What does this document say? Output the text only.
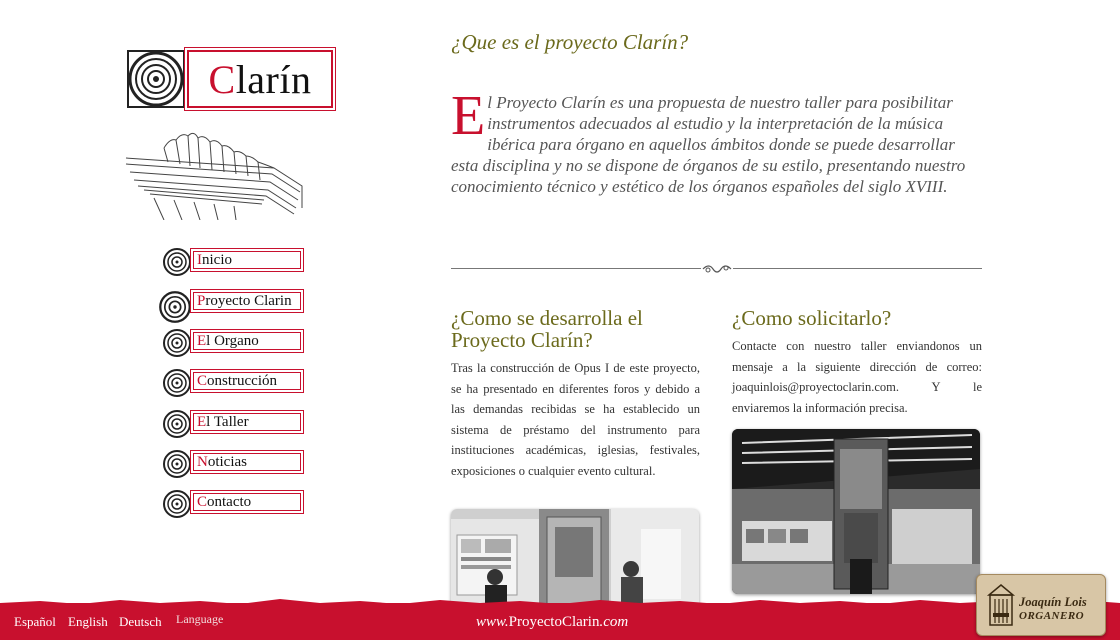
C larín
I nicio
P royecto Clarin
E l Organo
C onstrucción
E l Taller
N oticias
C ontacto
¿Que es el proyecto Clarín?
El Proyecto Clarín es una propuesta de nuestro taller para posibilitar instrumentos adecuados al estudio y la interpretación de la música ibérica para órgano en aquellos ámbitos donde se puede desarrollar esta disciplina y no se dispone de órganos de su estilo, presentando nuestro conocimiento técnico y estético de los órganos españoles del siglo XVIII.
¿Como se desarrolla el Proyecto Clarín?
Tras la construcción de Opus I de este proyecto, se ha presentado en diferentes foros y debido a las demandas recibidas se ha establecido un sistema de préstamo del instrumento para instituciones académicas, iglesias, festivales, exposiciones o cualquier evento cultural.
¿Como solicitarlo?
Contacte con nuestro taller enviandonos un mensaje a la siguiente dirección de correo: joaquinlois@proyectoclarin.com. Y le enviaremos la información precisa.
Español English Deutsch Language	www.ProyectoClarin.com
Joaquín Lois
ORGANERO
